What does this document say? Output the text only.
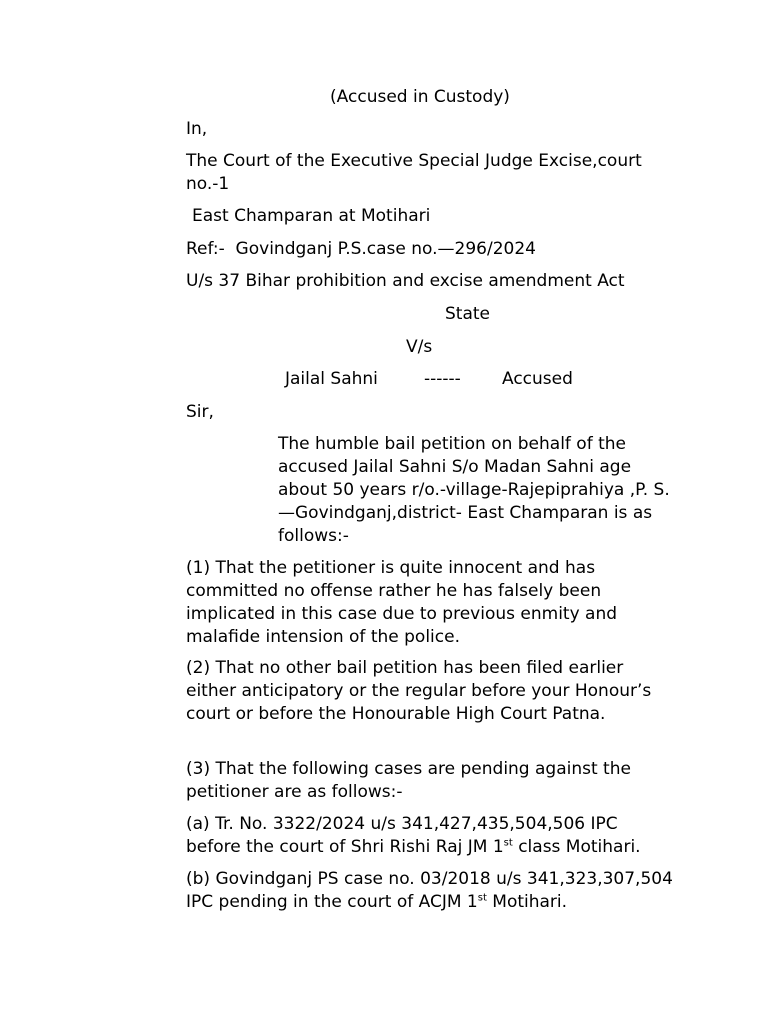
(Accused in Custody)

In,

The Court of the Executive Special Judge Excise,court no.-1

East Champaran at Motihari

Ref:-  Govindganj P.S.case no.—296/2024

U/s 37 Bihar prohibition and excise amendment Act

State

V/s

Jailal Sahni	------ Accused

Sir,

The humble bail petition on behalf of the accused Jailal Sahni S/o Madan Sahni age about 50 years r/o.-village-Rajepiprahiya ,P. S.—Govindganj,district- East Champaran is as follows:-

(1) That the petitioner is quite innocent and has committed no offense rather he has falsely been implicated in this case due to previous enmity and malafide intension of the police.

(2) That no other bail petition has been filed earlier either anticipatory or the regular before your Honour’s court or before the Honourable High Court Patna.

(3) That the following cases are pending against the petitioner are as follows:-

(a) Tr. No. 3322/2024 u/s 341,427,435,504,506 IPC before the court of Shri Rishi Raj JM 1st class Motihari.

(b) Govindganj PS case no. 03/2018 u/s 341,323,307,504 IPC pending in the court of ACJM 1st Motihari.
